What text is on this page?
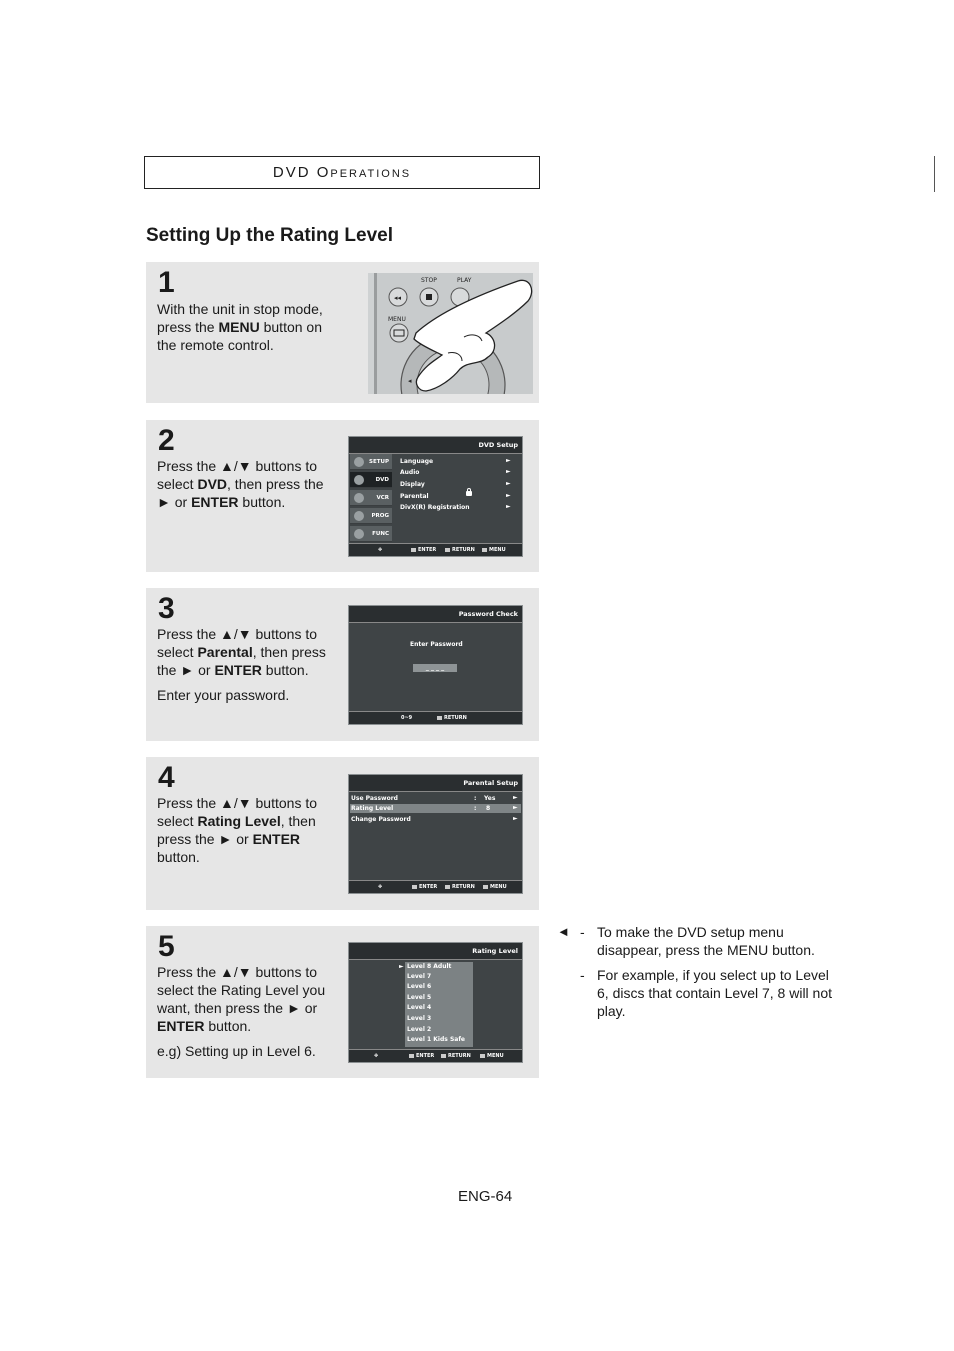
DVD OPERATIONS
Setting Up the Rating Level
1
With the unit in stop mode, press the MENU button on the remote control.
◂◂
STOP	PLAY
MENU
◂
2
Press the ▲/▼ buttons to select DVD, then press the ► or ENTER button.
DVD Setup
SETUP
DVD
VCR
PROG
FUNC
Language
Audio
Display
Parental
DivX(R) Registration
►
►
►
►
►
✥	ENTER	RETURN	MENU
3

Press the ▲/▼ buttons to select Parental, then press the ► or ENTER button.

Enter your password.

Password Check
Enter Password
_ _ _ _
0~9	RETURN
4
Press the ▲/▼ buttons to select Rating Level, then press the ► or ENTER button.
Parental Setup
Use Password	: Yes	►
Rating Level	: 8	►
Change Password	►
✥	ENTER	RETURN	MENU
5

Press the ▲/▼ buttons to select the Rating Level you want, then press the ► or ENTER button.

e.g) Setting up in Level 6.

Rating Level
► Level 8 Adult
Level 7
Level 6
Level 5
Level 4
Level 3
Level 2
Level 1 Kids Safe
✥	ENTER	RETURN	MENU
◄ - To make the DVD setup menu disappear, press the MENU button.
- For example, if you select up to Level 6, discs that contain Level 7, 8 will not play.
ENG-64
